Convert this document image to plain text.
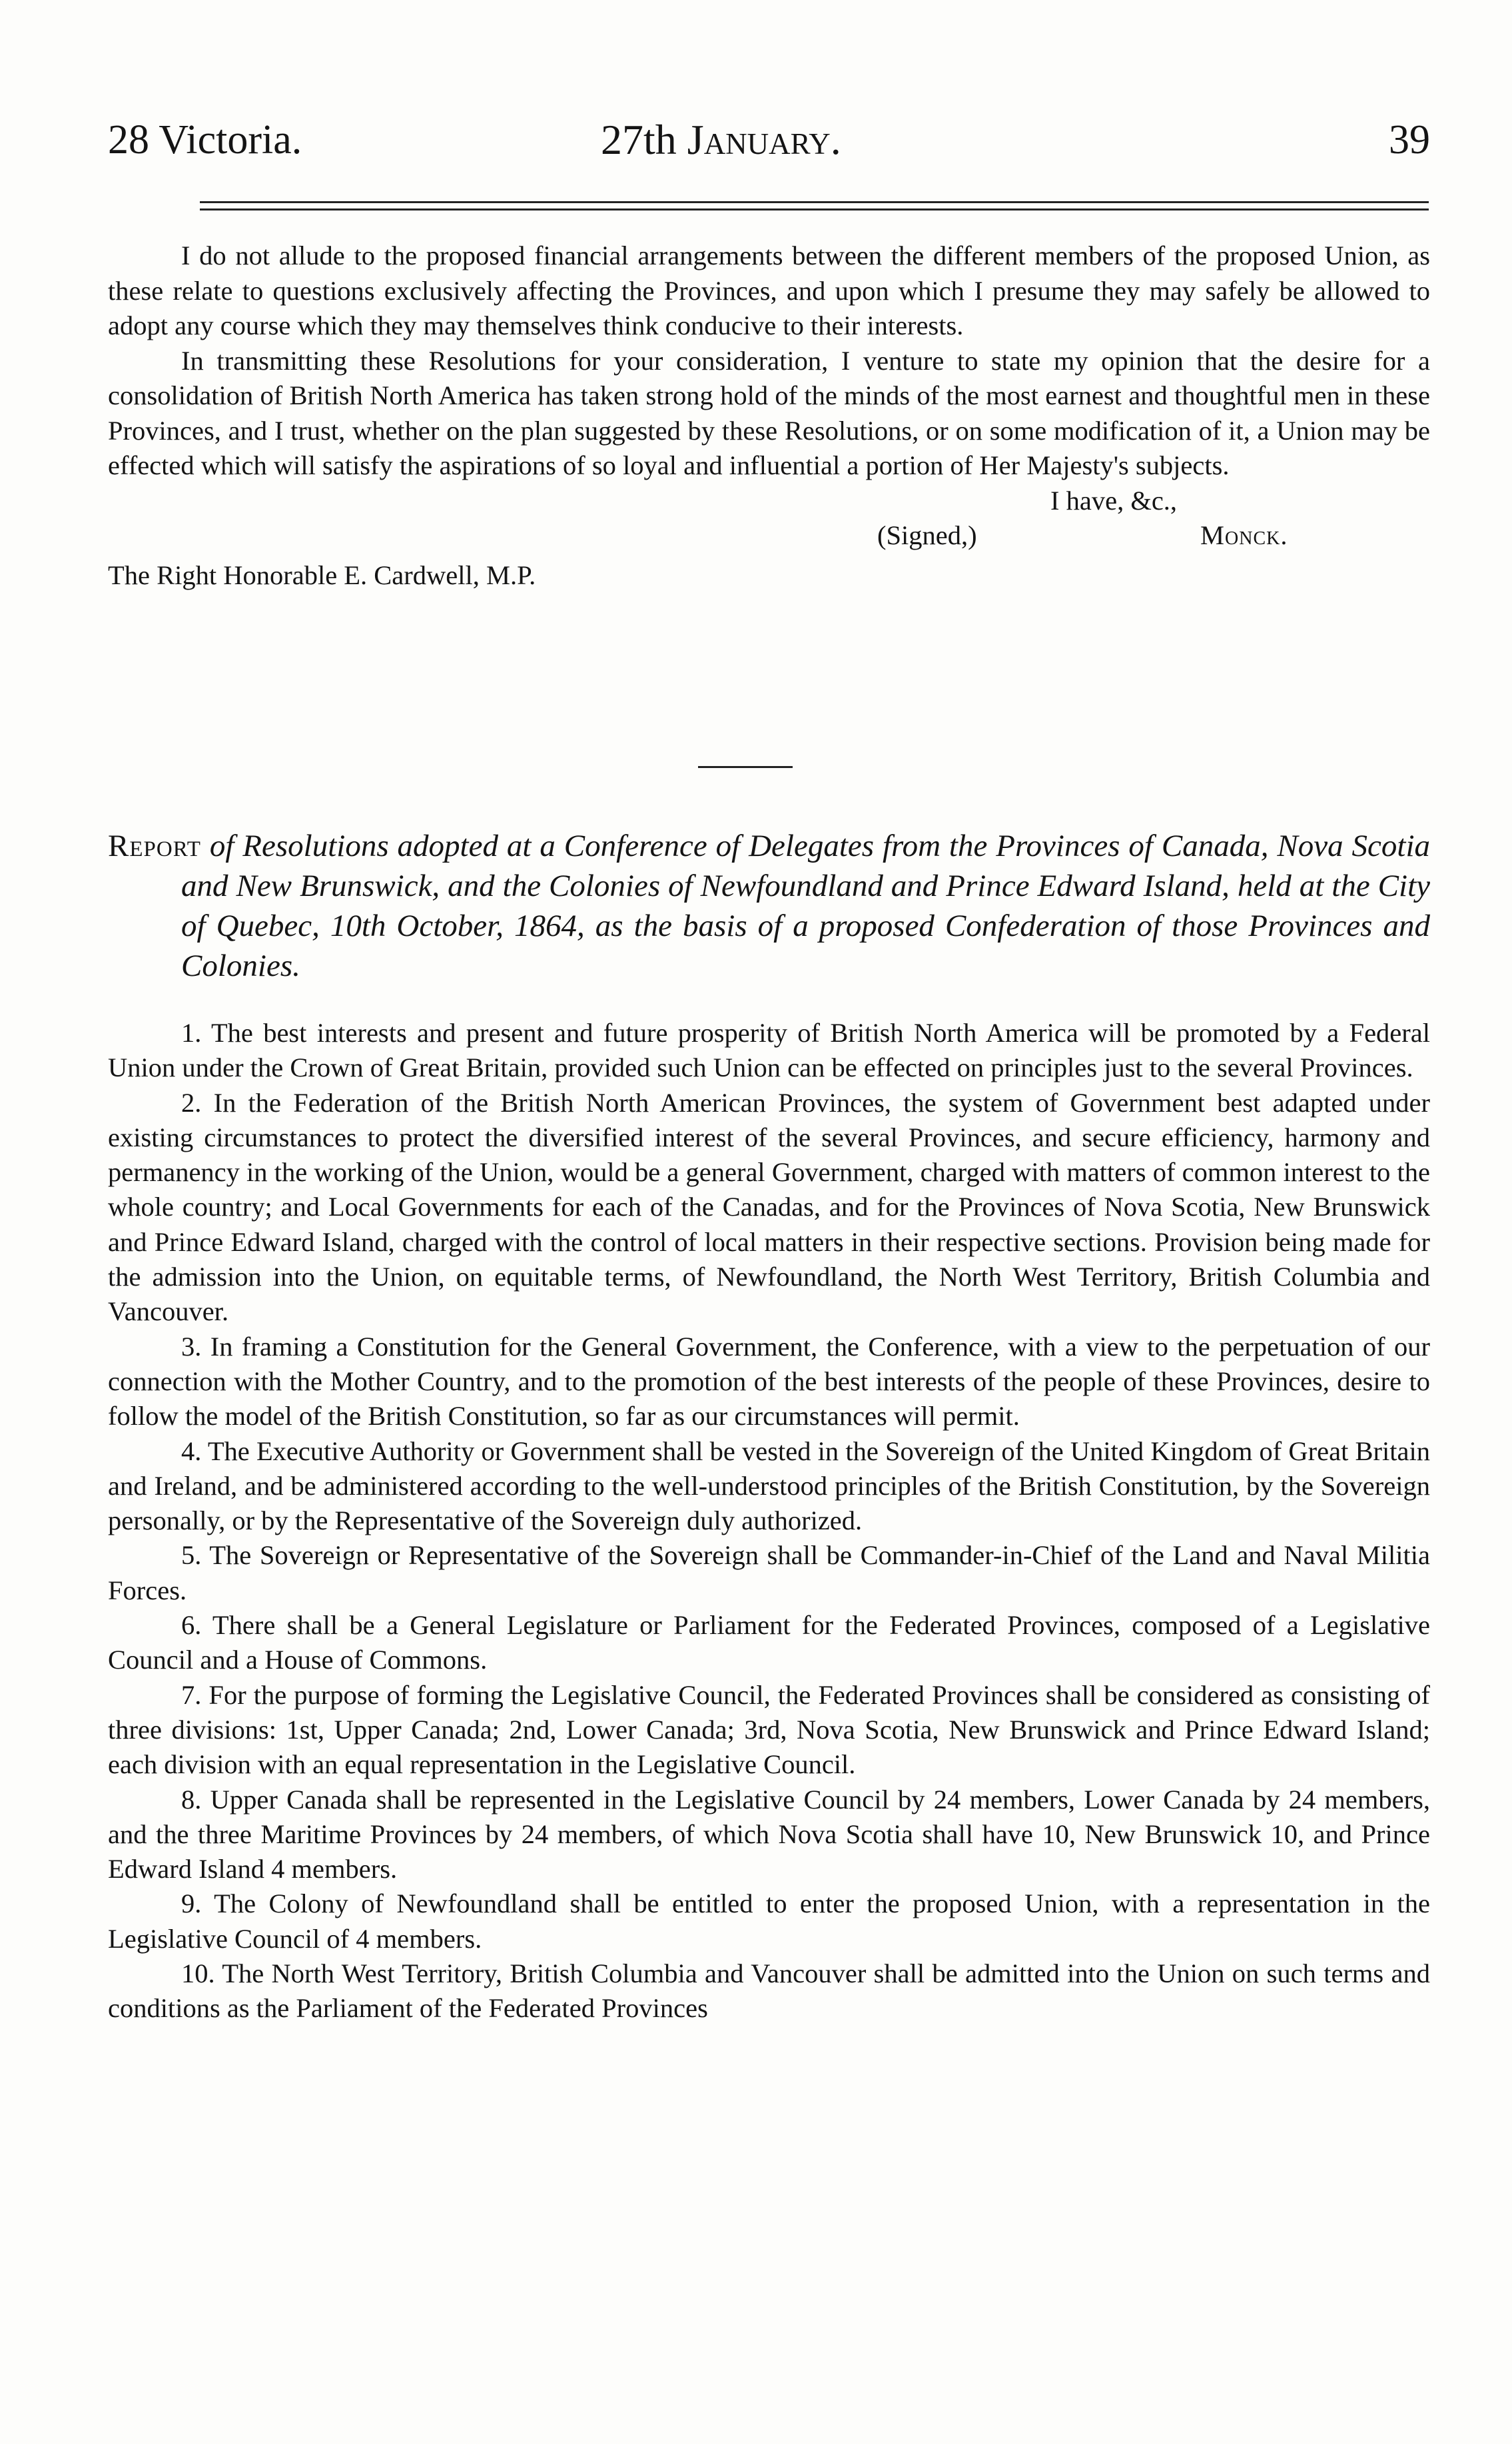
28 Victoria.	27th January.	39

I do not allude to the proposed financial arrangements between the different members of the proposed Union, as these relate to questions exclusively affecting the Provinces, and upon which I presume they may safely be allowed to adopt any course which they may themselves think conducive to their interests.

In transmitting these Resolutions for your consideration, I venture to state my opinion that the desire for a consolidation of British North America has taken strong hold of the minds of the most earnest and thoughtful men in these Provinces, and I trust, whether on the plan suggested by these Resolutions, or on some modification of it, a Union may be effected which will satisfy the aspirations of so loyal and influential a portion of Her Majesty's subjects.

I have, &c.,
(Signed,)	Monck.

The Right Honorable E. Cardwell, M.P.

Report of Resolutions adopted at a Conference of Delegates from the Provinces of Canada, Nova Scotia and New Brunswick, and the Colonies of Newfoundland and Prince Edward Island, held at the City of Quebec, 10th October, 1864, as the basis of a proposed Confederation of those Provinces and Colonies.

1. The best interests and present and future prosperity of British North America will be promoted by a Federal Union under the Crown of Great Britain, provided such Union can be effected on principles just to the several Provinces.

2. In the Federation of the British North American Provinces, the system of Government best adapted under existing circumstances to protect the diversified interest of the several Provinces, and secure efficiency, harmony and permanency in the working of the Union, would be a general Government, charged with matters of common interest to the whole country; and Local Governments for each of the Canadas, and for the Provinces of Nova Scotia, New Brunswick and Prince Edward Island, charged with the control of local matters in their respective sections. Provision being made for the admission into the Union, on equitable terms, of Newfoundland, the North West Territory, British Columbia and Vancouver.

3. In framing a Constitution for the General Government, the Conference, with a view to the perpetuation of our connection with the Mother Country, and to the promotion of the best interests of the people of these Provinces, desire to follow the model of the British Constitution, so far as our circumstances will permit.

4. The Executive Authority or Government shall be vested in the Sovereign of the United Kingdom of Great Britain and Ireland, and be administered according to the well-understood principles of the British Constitution, by the Sovereign personally, or by the Representative of the Sovereign duly authorized.

5. The Sovereign or Representative of the Sovereign shall be Commander-in-Chief of the Land and Naval Militia Forces.

6. There shall be a General Legislature or Parliament for the Federated Provinces, composed of a Legislative Council and a House of Commons.

7. For the purpose of forming the Legislative Council, the Federated Provinces shall be considered as consisting of three divisions: 1st, Upper Canada; 2nd, Lower Canada; 3rd, Nova Scotia, New Brunswick and Prince Edward Island; each division with an equal representation in the Legislative Council.

8. Upper Canada shall be represented in the Legislative Council by 24 members, Lower Canada by 24 members, and the three Maritime Provinces by 24 members, of which Nova Scotia shall have 10, New Brunswick 10, and Prince Edward Island 4 members.

9. The Colony of Newfoundland shall be entitled to enter the proposed Union, with a representation in the Legislative Council of 4 members.

10. The North West Territory, British Columbia and Vancouver shall be admitted into the Union on such terms and conditions as the Parliament of the Federated Provinces
